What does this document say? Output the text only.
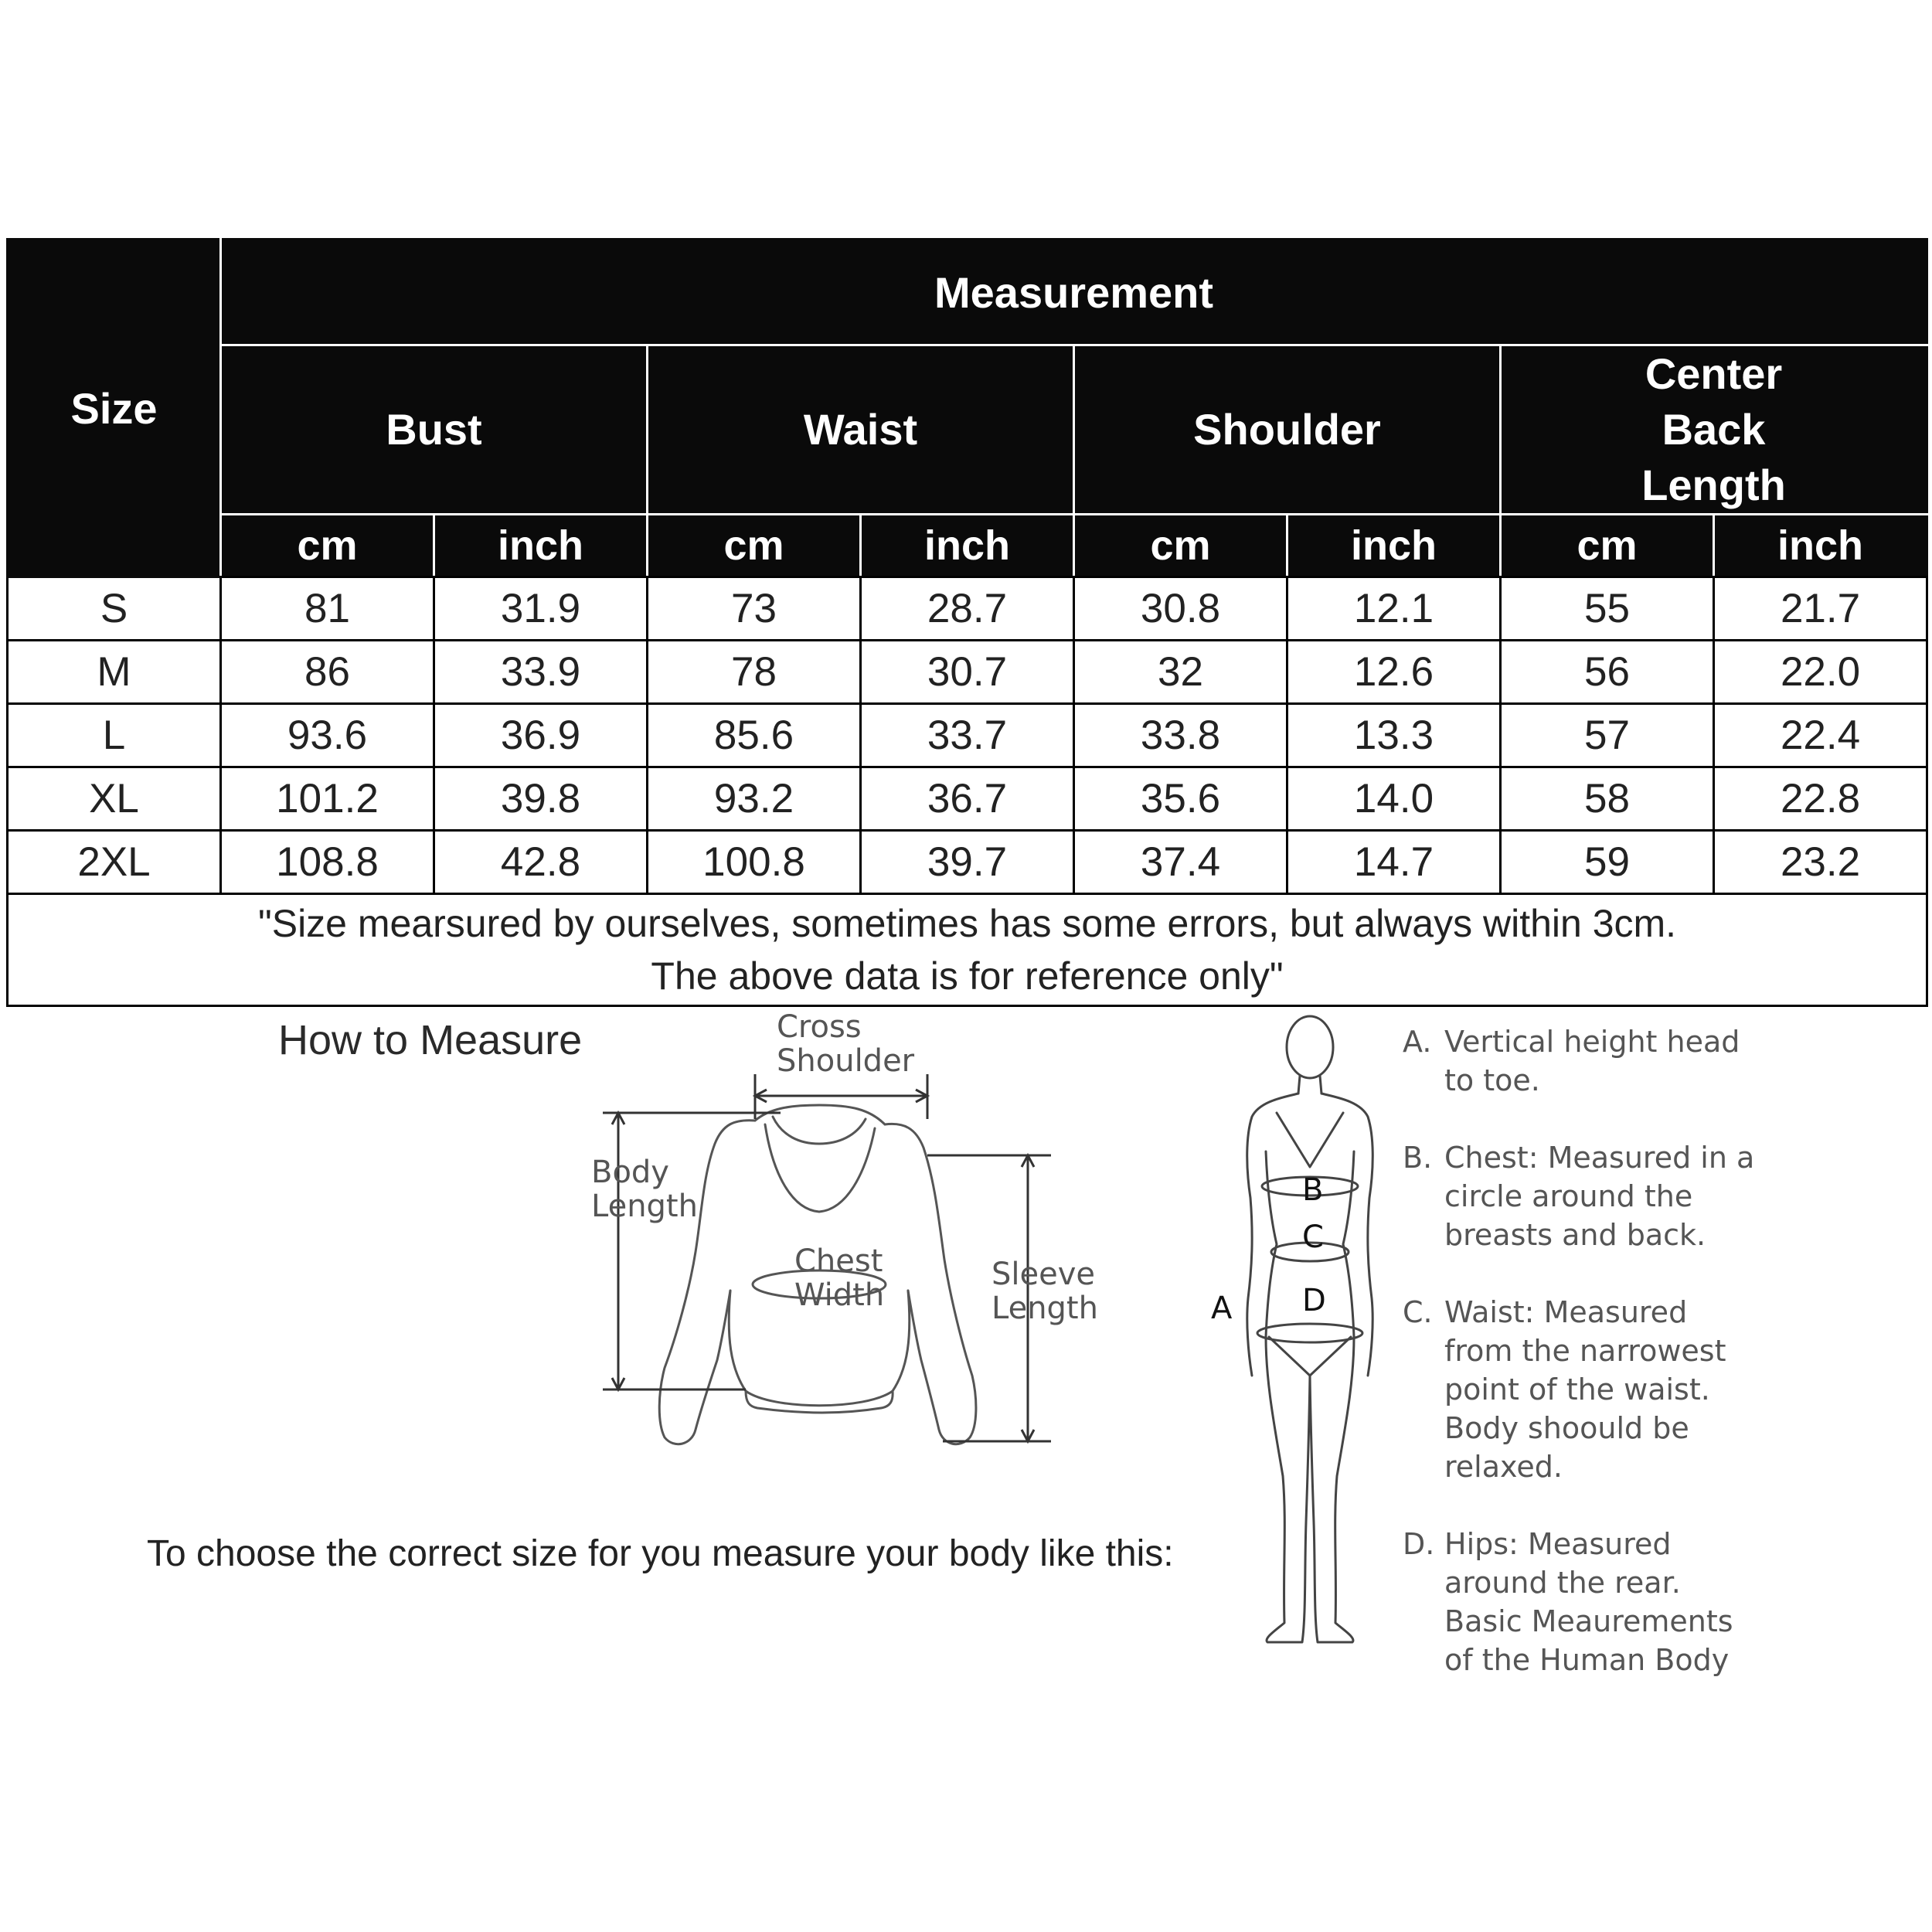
Size	Measurement							
	Bust		Waist		Shoulder		Center Back Length	
	cm	inch	cm	inch	cm	inch	cm	inch
S	81	31.9	73	28.7	30.8	12.1	55	21.7
M	86	33.9	78	30.7	32	12.6	56	22.0
L	93.6	36.9	85.6	33.7	33.8	13.3	57	22.4
XL	101.2	39.8	93.2	36.7	35.6	14.0	58	22.8
2XL	108.8	42.8	100.8	39.7	37.4	14.7	59	23.2
"Size mearsured by ourselves, sometimes has some errors, but always within 3cm.
The above data is for reference only"								
How to Measure
To choose the correct size for you measure your body like this:
Cross
Shoulder
Body
Length
Chest
Width
Sleeve
Length	A
B
C
D
A. Vertical height head
to toe.
B. Chest: Measured in a
circle around the
breasts and back.
C. Waist: Measured
from the narrowest
point of the waist.
Body shoould be
relaxed.
D. Hips: Measured
around the rear.
Basic Meaurements
of the Human Body
